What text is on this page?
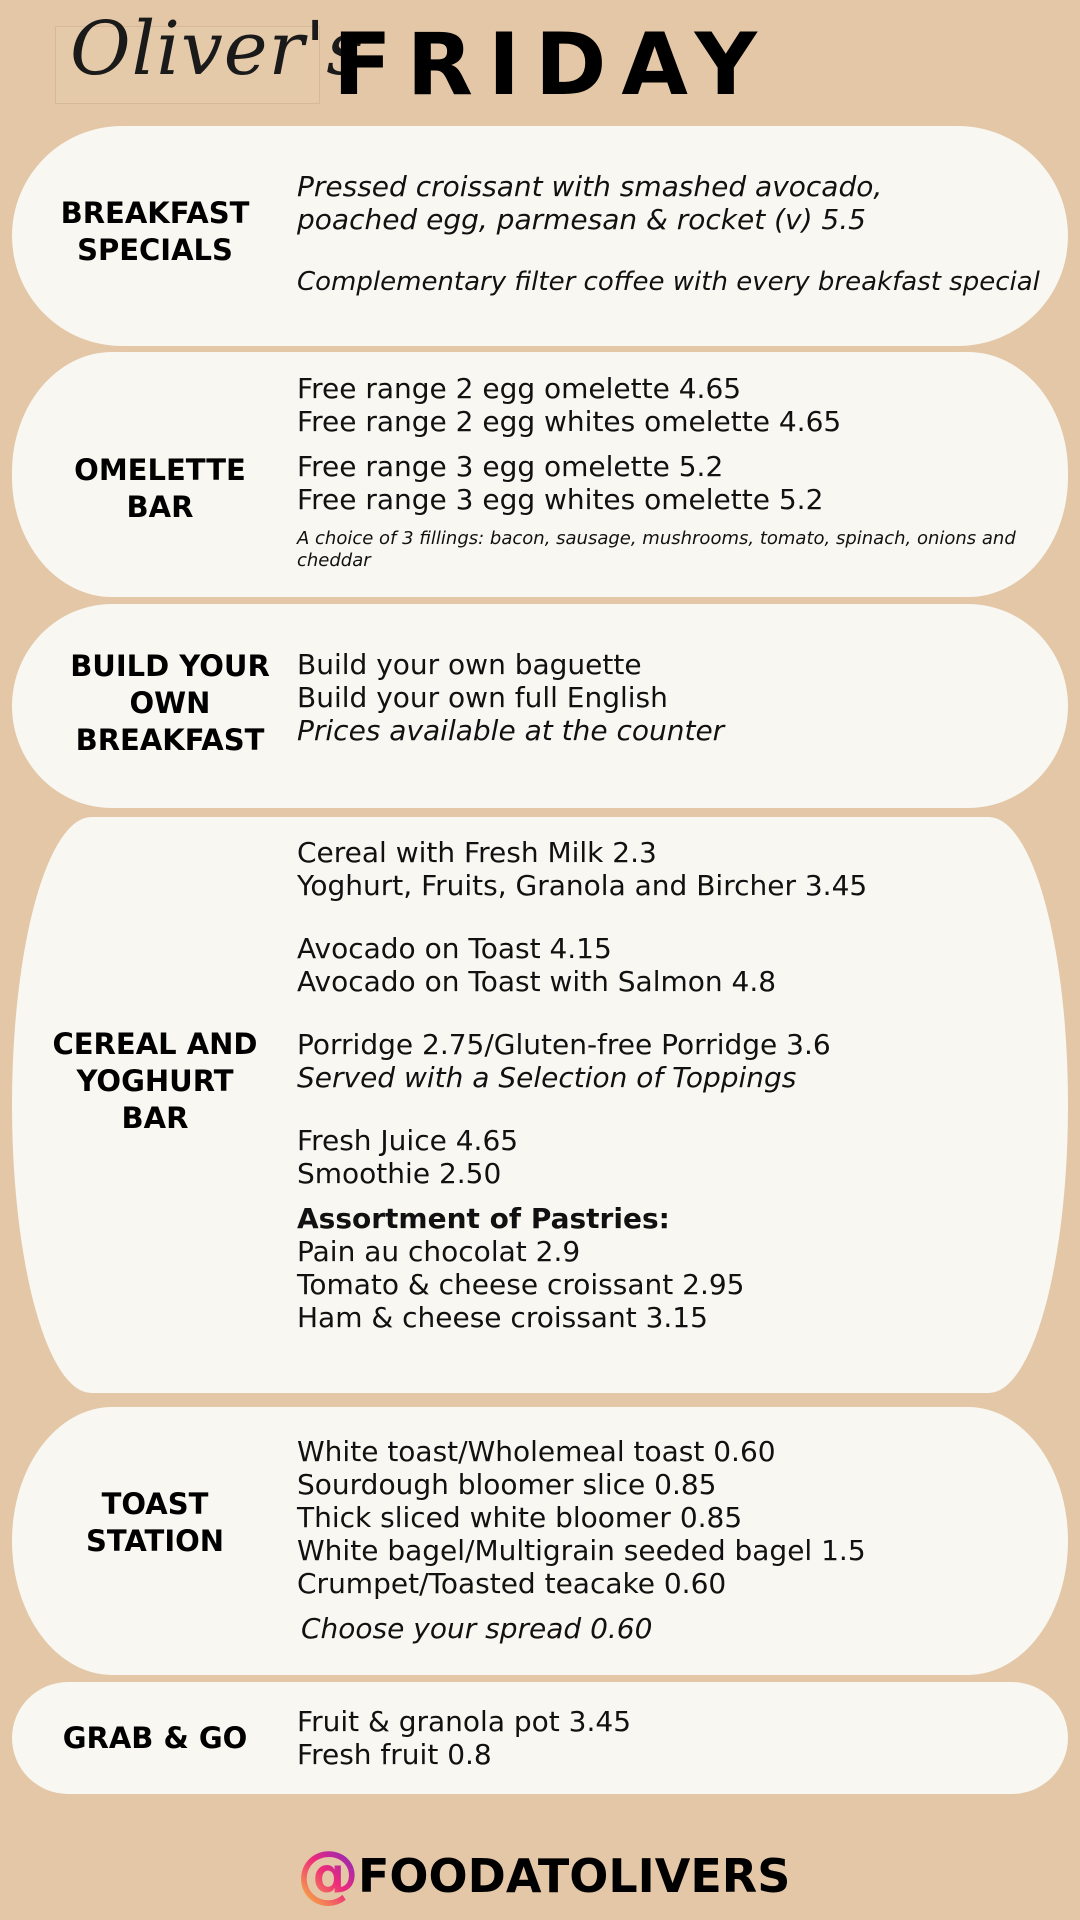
Oliver's
FRIDAY
BREAKFAST
SPECIALS
Pressed croissant with smashed avocado,
poached egg, parmesan & rocket (v) 5.5
Complementary filter coffee with every breakfast special
OMELETTE
BAR
Free range 2 egg omelette 4.65
Free range 2 egg whites omelette 4.65
Free range 3 egg omelette 5.2
Free range 3 egg whites omelette 5.2
A choice of 3 fillings: bacon, sausage, mushrooms, tomato, spinach, onions and cheddar
BUILD YOUR
OWN
BREAKFAST
Build your own baguette
Build your own full English
Prices available at the counter
CEREAL AND
YOGHURT
BAR
Cereal with Fresh Milk 2.3
Yoghurt, Fruits, Granola and Bircher 3.45
Avocado on Toast 4.15
Avocado on Toast with Salmon 4.8
Porridge 2.75/Gluten-free Porridge 3.6
Served with a Selection of Toppings
Fresh Juice 4.65
Smoothie 2.50
Assortment of Pastries:
Pain au chocolat 2.9
Tomato & cheese croissant 2.95
Ham & cheese croissant 3.15
TOAST
STATION
White toast/Wholemeal toast 0.60
Sourdough bloomer slice 0.85
Thick sliced white bloomer 0.85
White bagel/Multigrain seeded bagel 1.5
Crumpet/Toasted teacake 0.60
Choose your spread 0.60
GRAB & GO	Fruit & granola pot 3.45
Fresh fruit 0.8
@ FOODATOLIVERS
